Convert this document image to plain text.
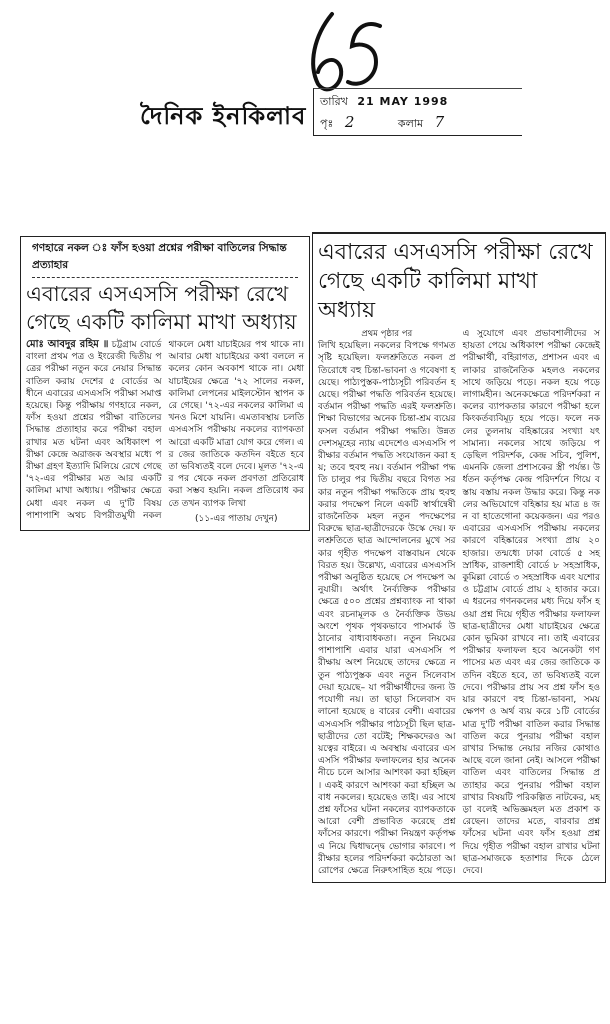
দৈনিক ইনকিলাব
তারিখ 21 MAY 1998
পৃঃ 2	কলাম 7
গণহারে নকল ঃ ফাঁস হওয়া প্রশ্নের পরীক্ষা বাতিলের সিদ্ধান্ত প্রত্যাহার
এবারের এসএসসি পরীক্ষা রেখে
গেছে একটি কালিমা মাখা অধ্যায়
মোঃ আবদুর রহিম ॥ চট্টগ্রাম বোর্ডে বাংলা প্রথম পত্র ও ইংরেজী দ্বিতীয় পত্রের পরীক্ষা নতুন করে নেয়ার সিদ্ধান্ত বাতিল করায় দেশের ৫ বোর্ডের অধীনে এবারের এসএসসি পরীক্ষা সমাপ্ত হয়েছে। কিন্তু পরীক্ষায় গণহারে নকল, ফাঁস হওয়া প্রশ্নের পরীক্ষা বাতিলের সিদ্ধান্ত প্রত্যাহার করে পরীক্ষা বহাল রাখার মত ঘটনা এবং অধিকাংশ পরীক্ষা কেন্দ্রে অরাজক অবস্থার মধ্যে পরীক্ষা গ্রহণ ইত্যাদি মিলিয়ে রেখে গেছে '৭২-এর পরীক্ষার মত আর একটি কালিমা মাখা অধ্যায়। পরীক্ষার ক্ষেত্রে মেধা এবং নকল এ দু'টি বিষয় পাশাপাশি অথচ বিপরীতমুখী নকল থাকলে মেধা যাচাইয়ের পথ থাকে না। আবার মেধা যাচাইয়ের কথা বললে নকলের কোন অবকাশ থাকে না। মেধা যাচাইয়ের ক্ষেত্রে '৭২ সালের নকল, কালিমা লেপনের মাইলস্টোন স্থাপন করে গেছে। '৭২-এর নকলের কালিমা এখনও মিশে যায়নি। এমতাবস্থায় চলতি এসএসসি পরীক্ষায় নকলের ব্যাপকতা আরো একটি মাত্রা যোগ করে গেল। এর জের জাতিকে কতদিন বইতে হবে তা ভবিষ্যতই বলে দেবে। মূলত '৭২-এর পর থেকে নকল প্রবণতা প্রতিরোধ করা সম্ভব হয়নি। নকল প্রতিরোধ করতে তখন ব্যাপক লিখা
(১১-এর পাতায় দেখুন)
এবারের এসএসসি পরীক্ষা রেখে
গেছে একটি কালিমা মাখা অধ্যায়
প্রথম পৃষ্ঠার পর
লিখি হয়েছিল। নকলের বিপক্ষে গণমত সৃষ্টি হয়েছিল। ফলশ্রুতিতে নকল প্রতিরোধে বহু চিন্তা-ভাবনা ও গবেষণা হয়েছে। পাঠ্যপুস্তক-পাঠ্যসূচী পরিবর্তন হয়েছে। পরীক্ষা পদ্ধতি পরিবর্তন হয়েছে। বর্তমান পরীক্ষা পদ্ধতি এরই ফলশ্রুতি। শিক্ষা বিভাগের অনেক চিন্তা-শ্রম ব্যয়ের ফসল বর্তমান পরীক্ষা পদ্ধতি। উন্নত দেশসমূহের ন্যায় এদেশেও এসএসসি পরীক্ষার বর্তমান পদ্ধতি সংযোজন করা হয়; তবে হুবহু নয়। বর্তমান পরীক্ষা পদ্ধতি চালুর পর দ্বিতীয় বছরে বিগত সরকার নতুন পরীক্ষা পদ্ধতিকে প্রায় হুবহু করার পদক্ষেপ নিলে একটি স্বার্থান্বেষী রাজনৈতিক মহল নতুন পদক্ষেপের বিরুদ্ধে ছাত্র-ছাত্রীদেরকে উস্কে দেয়। ফলশ্রুতিতে ছাত্র আন্দোলনের মুখে সরকার গৃহীত পদক্ষেপ বাস্তবায়ন থেকে বিরত হয়। উল্লেখ্য, এবারের এসএসসি পরীক্ষা অনুষ্ঠিত হয়েছে সে পদক্ষেপ অনুযায়ী। অর্থাৎ নৈর্ব্যক্তিক পরীক্ষার ক্ষেত্রে ৫০০ প্রশ্নের প্রশ্নব্যাংক না থাকা এবং রচনামূলক ও নৈর্ব্যক্তিক উভয় অংশে পৃথক পৃথকভাবে পাসমার্ক উঠানোর বাধ্যবাধকতা। নতুন নিয়মের পাশাপাশি এবার যারা এসএসসি পরীক্ষায় অংশ নিয়েছে তাদের ক্ষেত্রে নতুন পাঠ্যপুস্তক এবং নতুন সিলেবাস দেয়া হয়েছে– যা পরীক্ষার্থীদের জন্য উপযোগী নয়। তা ছাড়া সিলেবাস বদলানো হয়েছে ৪ বারের বেশী। এবারের এসএসসি পরীক্ষার পাঠ্যসূচী ছিল ছাত্র-ছাত্রীদের তো বটেই; শিক্ষকদেরও আয়ত্বের বাইরে। এ অবস্থায় এবারের এসএসসি পরীক্ষার ফলাফলের হার অনেক নীচে চলে আসার আশংকা করা হচ্ছিল। একই কারণে আশংকা করা হচ্ছিল অবাধ নকলের। হয়েছেও তাই। এর সাথে প্রশ্ন ফাঁসের ঘটনা নকলের ব্যাপকতাকে আরো বেশী প্রভাবিত করেছে প্রশ্ন ফাঁসের কারণে। পরীক্ষা নিয়ন্ত্রণ কর্তৃপক্ষ এ নিয়ে দ্বিধাদ্বন্দ্বে ভোগার কারণে। পরীক্ষার হলের পরিদর্শকরা কঠোরতা আরোপের ক্ষেত্রে নিরুৎসাহিত হয়ে পড়ে। এ সুযোগে এবং প্রভাবশালীদের সহায়তা পেয়ে অধিকাংশ পরীক্ষা কেন্দ্রেই পরীক্ষার্থী, বহিরাগত, প্রশাসন এবং এলাকার রাজনৈতিক মহলও নকলের সাথে জড়িয়ে পড়ে। নকল হয়ে পড়ে লাগামহীন। অনেকক্ষেত্রে পরিদর্শকরা নকলের ব্যাপকতার কারণে পরীক্ষা হলে কিংকর্তব্যবিমূঢ় হয়ে পড়ে। ফলে নকলের তুলনায় বহিষ্কারের সংখ্যা যৎসামান্য। নকলের সাথে জড়িয়ে পড়েছিল পরিদর্শক, কেন্দ্র সচিব, পুলিশ, এমনকি জেলা প্রশাসকের স্ত্রী পর্যন্ত। উর্ধতন কর্তৃপক্ষ কেন্দ্র পরিদর্শনে গিয়ে বস্তায় বস্তায় নকল উদ্ধার করে। কিন্তু নকলের অভিযোগে বহিষ্কার হয় মাত্র ৪ জন বা হাতেগোনা কয়েকজন। এর পরও এবারের এসএসসি পরীক্ষায় নকলের কারণে বহিষ্কারের সংখ্যা প্রায় ২০ হাজার। তন্মধ্যে ঢাকা বোর্ডে ৫ সহস্রাধিক, রাজশাহী বোর্ডে ৮ সহস্রাধিক, কুমিল্লা বোর্ডে ৩ সহস্রাধিক এবং যশোর ও চট্টগ্রাম বোর্ডে প্রায় ২ হাজার করে। এ ধরনের গণনকলের মধ্য দিয়ে ফাঁস হওয়া প্রশ্ন দিয়ে গৃহীত পরীক্ষার ফলাফল ছাত্র-ছাত্রীদের মেধা যাচাইয়ের ক্ষেত্রে কোন ভূমিকা রাখবে না। তাই এবারের পরীক্ষার ফলাফল হবে অনেকটা গণপাসের মত এবং এর জের জাতিকে কতদিন বইতে হবে, তা ভবিষ্যতই বলে দেবে। পরীক্ষার প্রায় সব প্রশ্ন ফাঁস হওয়ার কারণে বহু চিন্তা-ভাবনা, সময় ক্ষেপণ ও অর্থ ব্যয় করে ১টি বোর্ডের মাত্র দু'টি পরীক্ষা বাতিল করার সিদ্ধান্ত বাতিল করে পুনরায় পরীক্ষা বহাল রাখার সিদ্ধান্ত নেয়ার নজির কোথাও আছে বলে জানা নেই। আসলে পরীক্ষা বাতিল এবং বাতিলের সিদ্ধান্ত প্রত্যাহার করে পুনরায় পরীক্ষা বহাল রাখার বিষয়টি পরিকল্পিত নাটকের, মহড়া বলেই অভিজ্ঞমহল মত প্রকাশ করেছেন। তাদের মতে, বারবার প্রশ্ন ফাঁসের ঘটনা এবং ফাঁস হওয়া প্রশ্ন দিয়ে গৃহীত পরীক্ষা বহাল রাখার ঘটনা ছাত্র-সমাজকে হতাশার দিকে ঠেলে দেবে।
